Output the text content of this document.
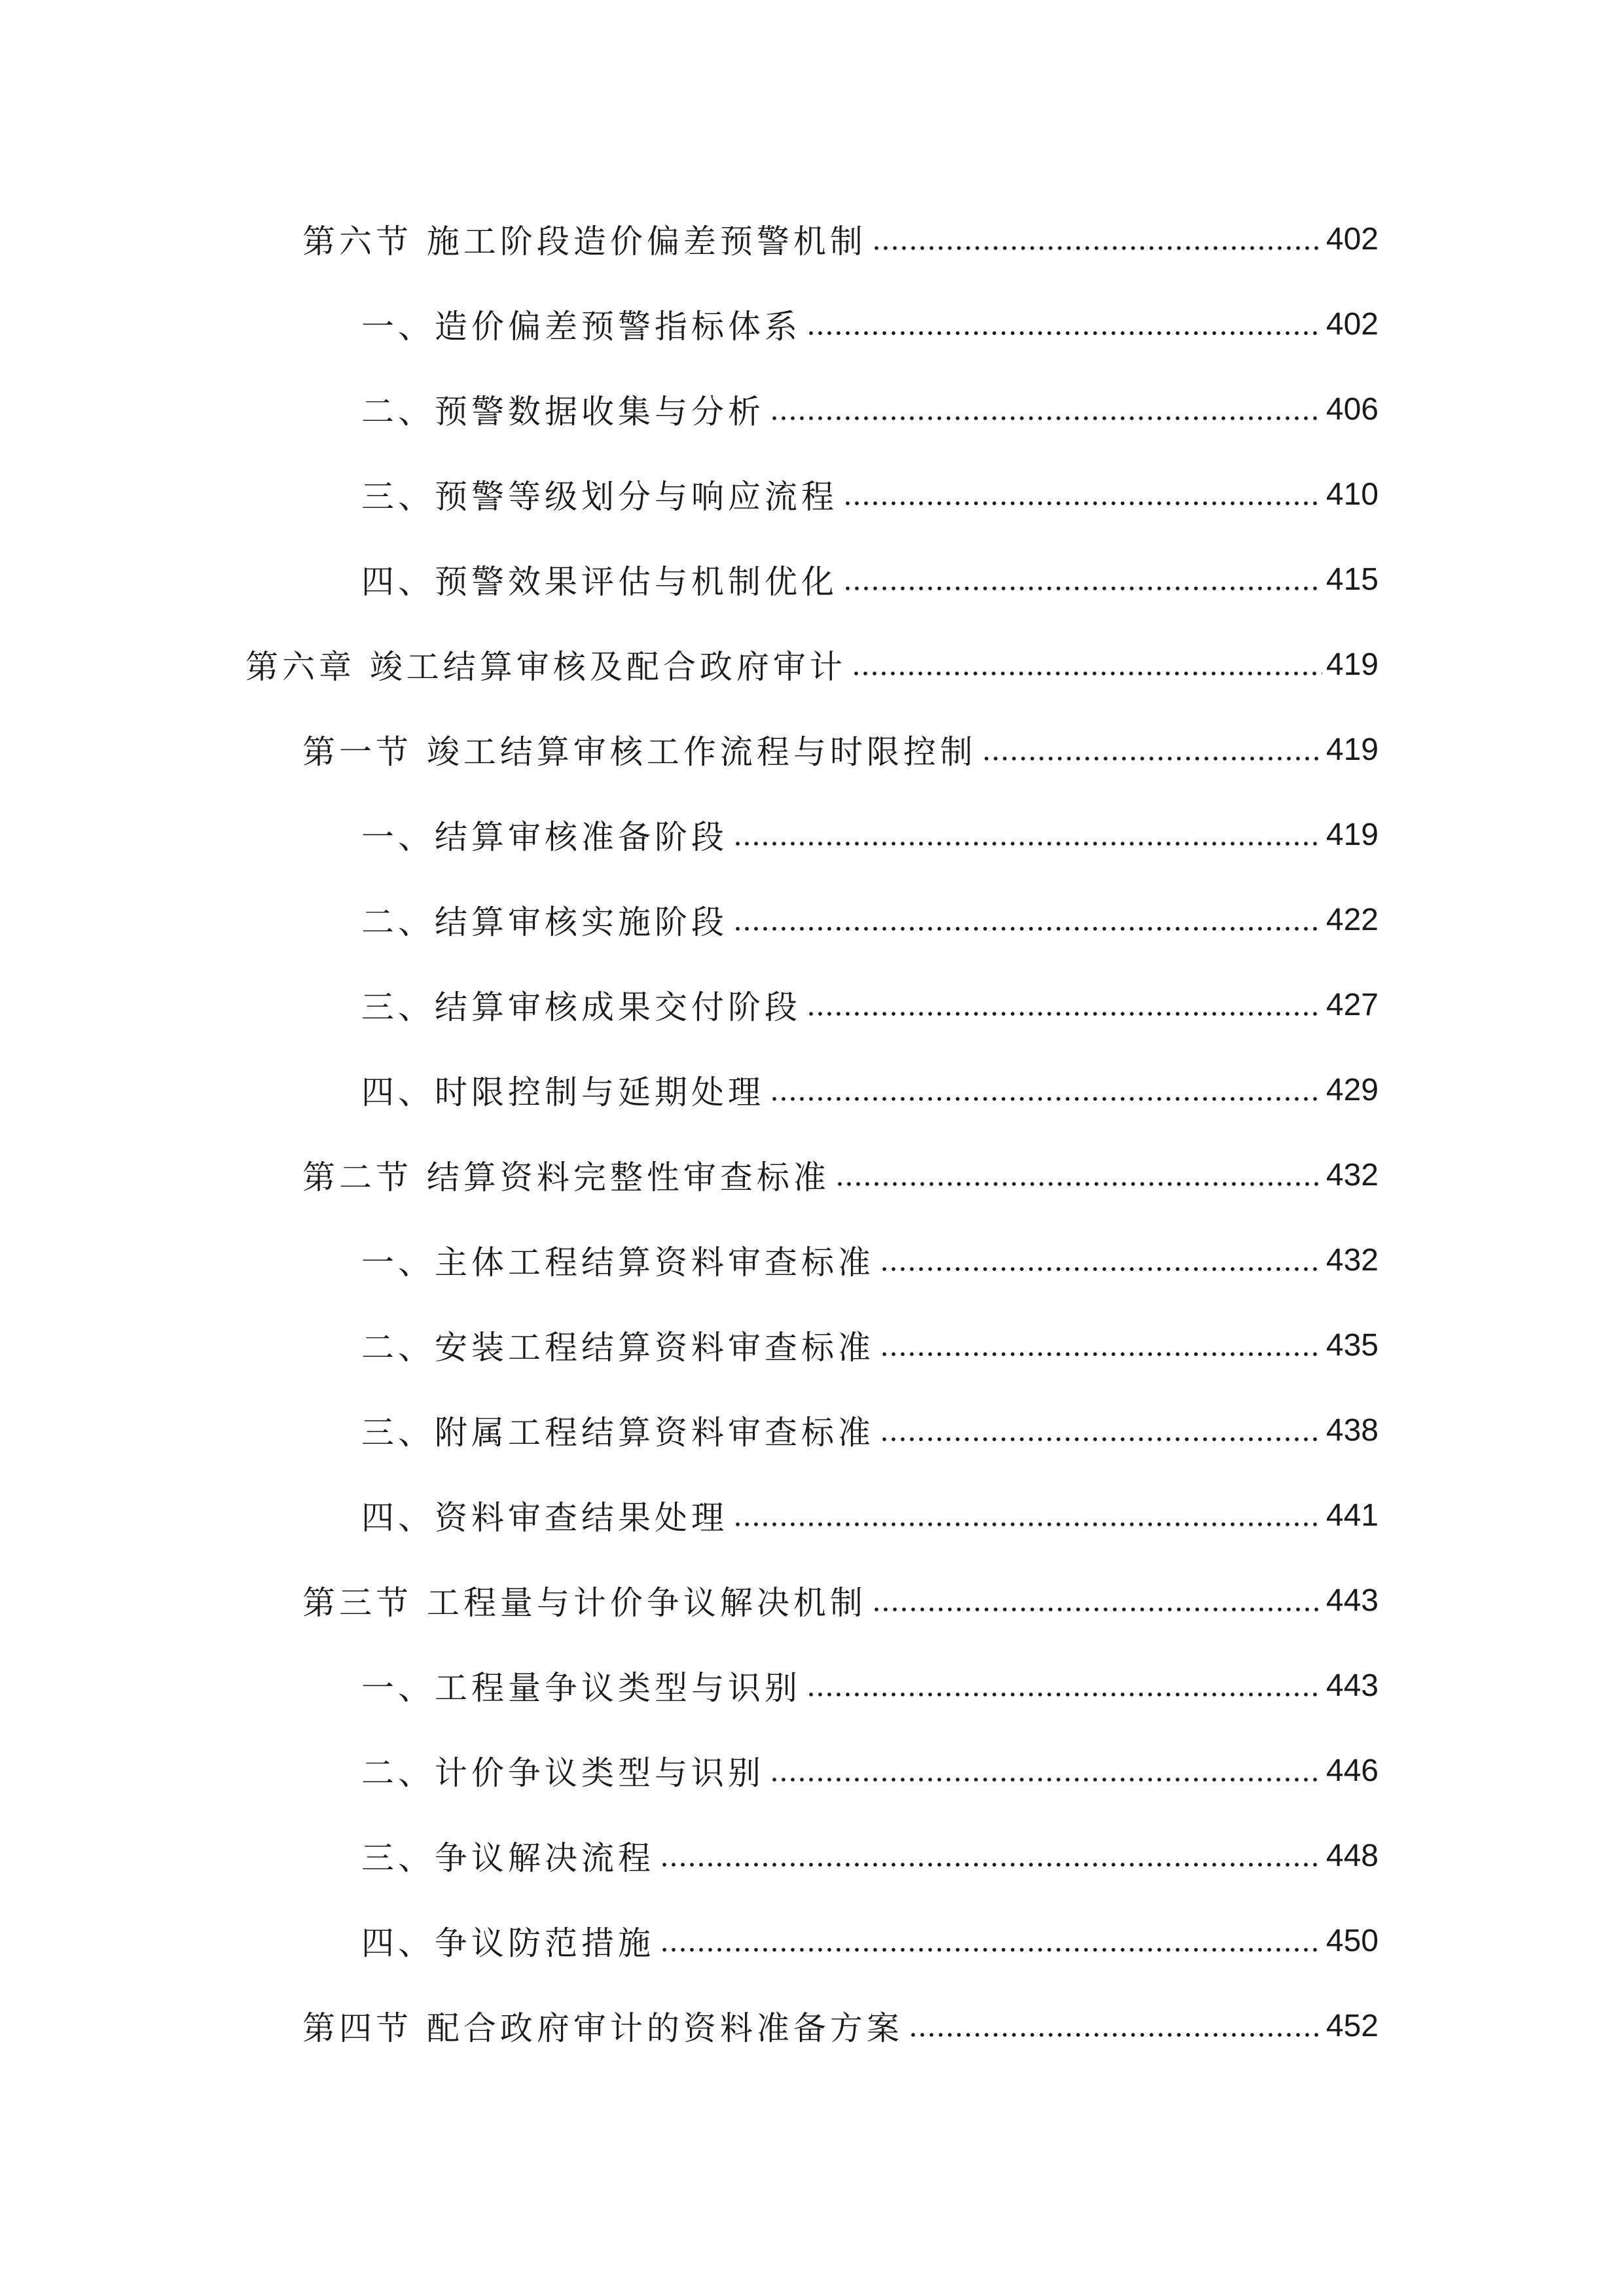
第六节 施工阶段造价偏差预警机制	402
一、造价偏差预警指标体系	402
二、预警数据收集与分析	406
三、预警等级划分与响应流程	410
四、预警效果评估与机制优化	415
第六章 竣工结算审核及配合政府审计	419
第一节 竣工结算审核工作流程与时限控制	419
一、结算审核准备阶段	419
二、结算审核实施阶段	422
三、结算审核成果交付阶段	427
四、时限控制与延期处理	429
第二节 结算资料完整性审查标准	432
一、主体工程结算资料审查标准	432
二、安装工程结算资料审查标准	435
三、附属工程结算资料审查标准	438
四、资料审查结果处理	441
第三节 工程量与计价争议解决机制	443
一、工程量争议类型与识别	443
二、计价争议类型与识别	446
三、争议解决流程	448
四、争议防范措施	450
第四节 配合政府审计的资料准备方案	452
